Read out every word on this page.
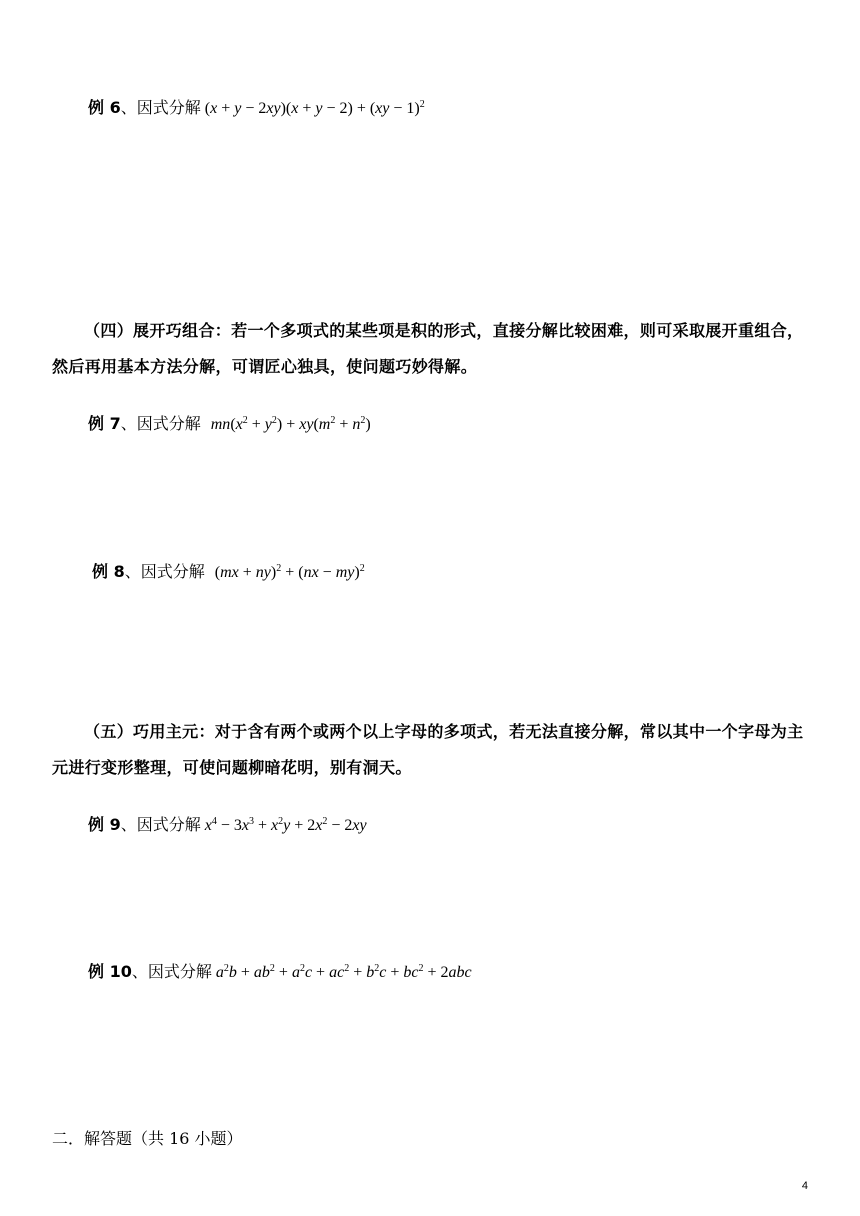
例 6、因式分解 (x + y − 2xy)(x + y − 2) + (xy − 1)$^2$
（四）展开巧组合：若一个多项式的某些项是积的形式，直接分解比较困难，则可采取展开重组合，然后再用基本方法分解，可谓匠心独具，使问题巧妙得解。
例 7、因式分解 $mn(x^2 + y^2) + xy(m^2 + n^2)$
例 8、因式分解 (mx + ny)$^2$ + (nx − my)$^2$
（五）巧用主元：对于含有两个或两个以上字母的多项式，若无法直接分解，常以其中一个字母为主元进行变形整理，可使问题柳暗花明，别有洞天。
例 9、因式分解 $x^4 - 3x^3 + x^2y + 2x^2 - 2xy$
例 10、因式分解 $a^2b + ab^2 + a^2c + ac^2 + b^2c + bc^2 + 2abc$
二．解答题（共 16 小题）
4
